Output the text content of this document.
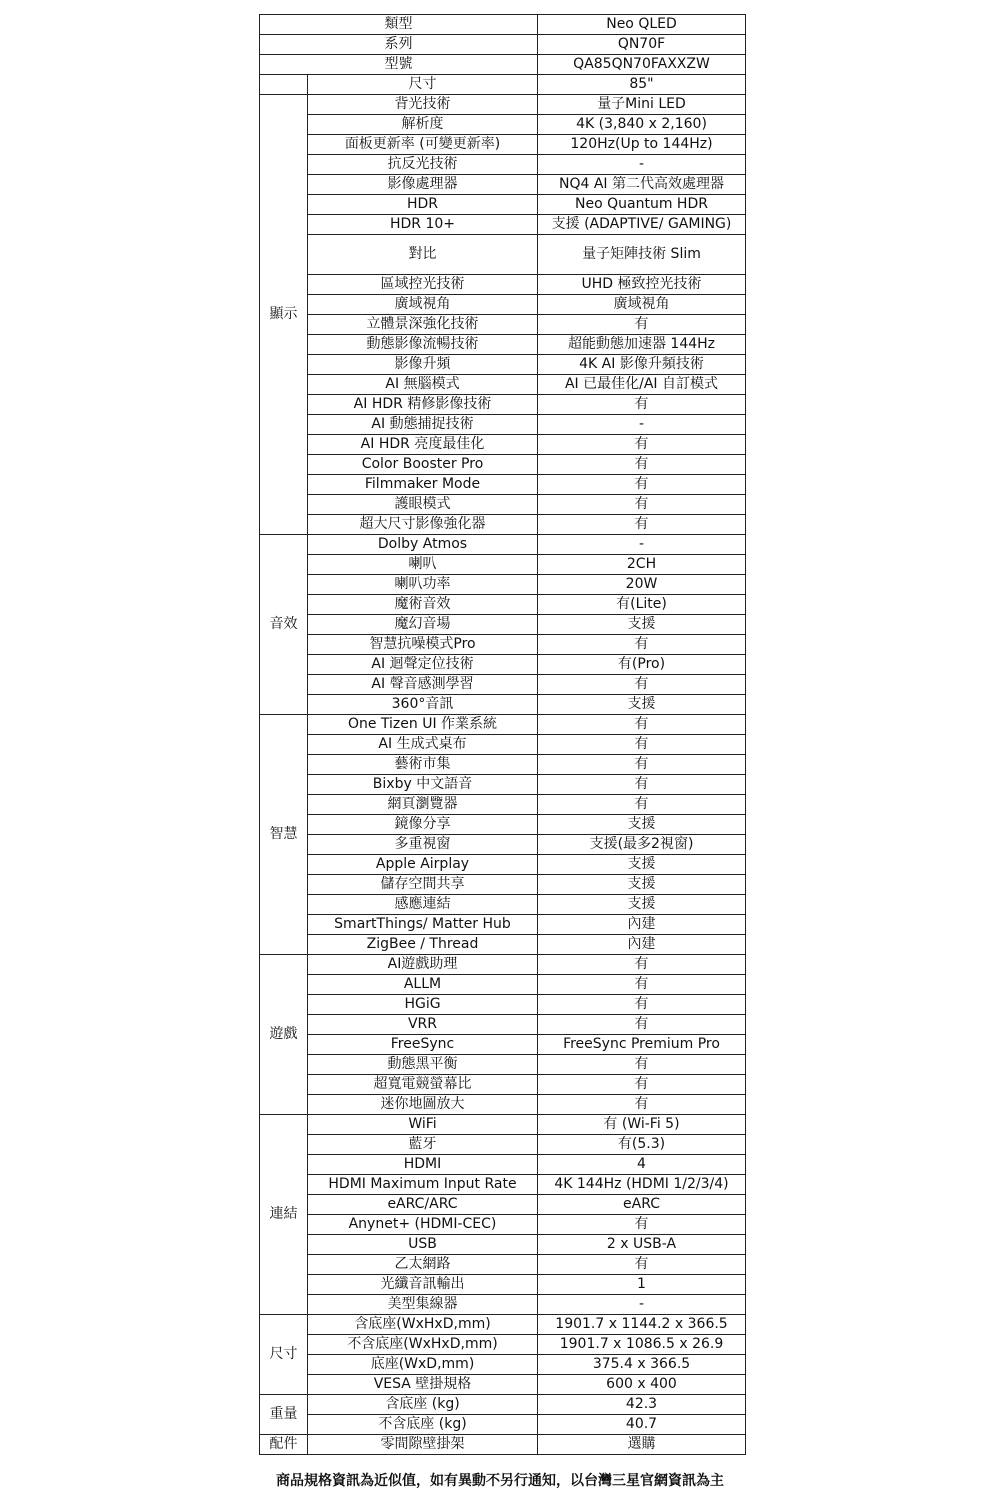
類型		Neo QLED
系列		QN70F
型號		QA85QN70FAXXZW
	尺寸	85"
顯示	背光技術	量子Mini LED
	解析度	4K (3,840 x 2,160)
	面板更新率 (可變更新率)	120Hz(Up to 144Hz)
	抗反光技術	-
	影像處理器	NQ4 AI 第二代高效處理器
	HDR	Neo Quantum HDR
	HDR 10+	支援 (ADAPTIVE/ GAMING)
	對比	量子矩陣技術 Slim
	區域控光技術	UHD 極致控光技術
	廣域視角	廣域視角
	立體景深強化技術	有
	動態影像流暢技術	超能動態加速器 144Hz
	影像升頻	4K AI 影像升頻技術
	AI 無腦模式	AI 已最佳化/AI 自訂模式
	AI HDR 精修影像技術	有
	AI 動態捕捉技術	-
	AI HDR 亮度最佳化	有
	Color Booster Pro	有
	Filmmaker Mode	有
	護眼模式	有
	超大尺寸影像強化器	有
音效	Dolby Atmos	-
	喇叭	2CH
	喇叭功率	20W
	魔術音效	有(Lite)
	魔幻音場	支援
	智慧抗噪模式Pro	有
	AI 迴聲定位技術	有(Pro)
	AI 聲音感測學習	有
	360°音訊	支援
智慧	One Tizen UI 作業系統	有
	AI 生成式桌布	有
	藝術市集	有
	Bixby 中文語音	有
	網頁瀏覽器	有
	鏡像分享	支援
	多重視窗	支援(最多2視窗)
	Apple Airplay	支援
	儲存空間共享	支援
	感應連結	支援
	SmartThings/ Matter Hub	內建
	ZigBee / Thread	內建
遊戲	AI遊戲助理	有
	ALLM	有
	HGiG	有
	VRR	有
	FreeSync	FreeSync Premium Pro
	動態黑平衡	有
	超寬電競螢幕比	有
	迷你地圖放大	有
連結	WiFi	有 (Wi-Fi 5)
	藍牙	有(5.3)
	HDMI	4
	HDMI Maximum Input Rate	4K 144Hz (HDMI 1/2/3/4)
	eARC/ARC	eARC
	Anynet+ (HDMI-CEC)	有
	USB	2 x USB-A
	乙太網路	有
	光纖音訊輸出	1
	美型集線器	-
尺寸	含底座(WxHxD,mm)	1901.7 x 1144.2 x 366.5
	不含底座(WxHxD,mm)	1901.7 x 1086.5 x 26.9
	底座(WxD,mm)	375.4 x 366.5
	VESA 壁掛規格	600 x 400
重量	含底座 (kg)	42.3
	不含底座 (kg)	40.7
配件	零間隙壁掛架	選購
商品規格資訊為近似值，如有異動不另行通知，以台灣三星官網資訊為主
